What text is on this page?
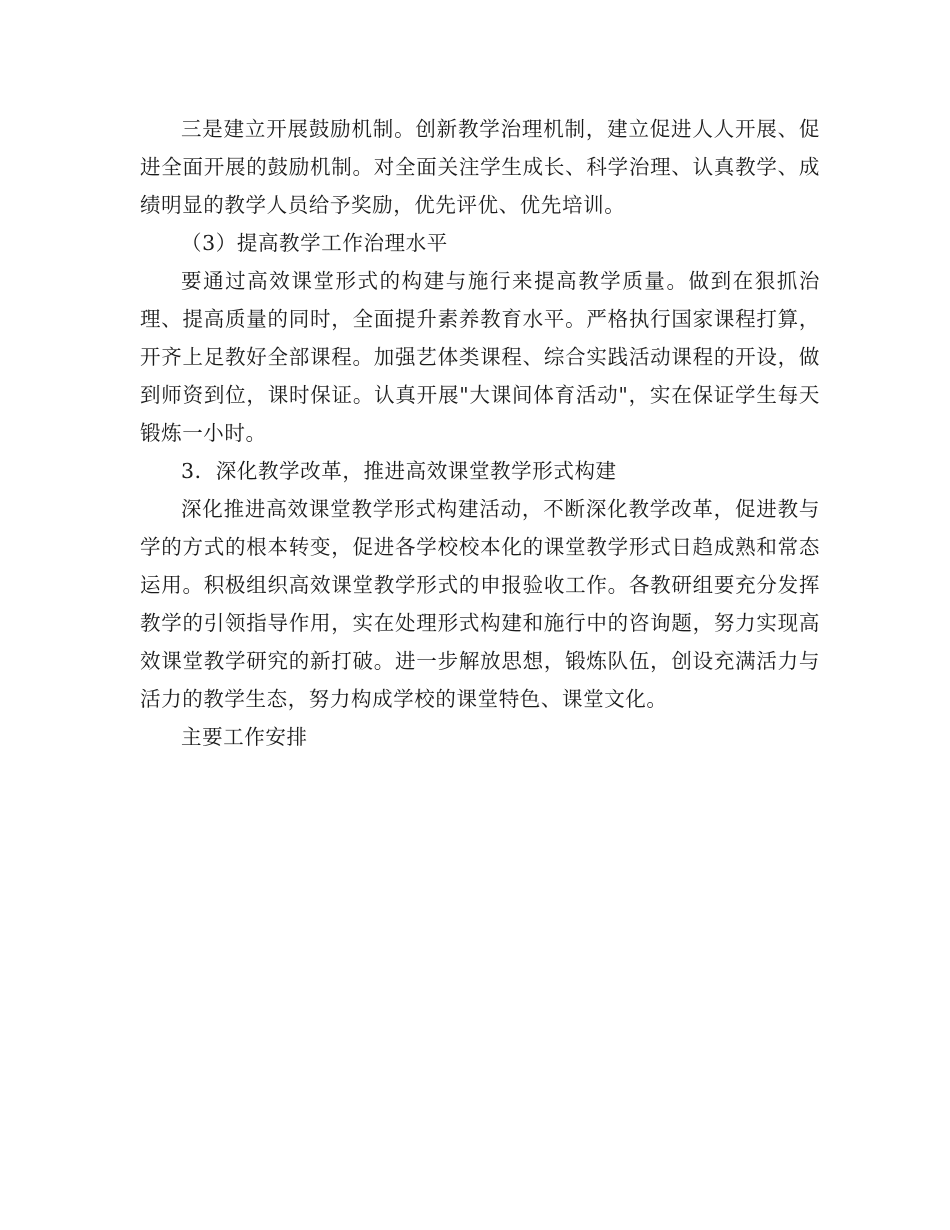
三是建立开展鼓励机制。创新教学治理机制，建立促进人人开展、促进全面开展的鼓励机制。对全面关注学生成长、科学治理、认真教学、成绩明显的教学人员给予奖励，优先评优、优先培训。

（3）提高教学工作治理水平

要通过高效课堂形式的构建与施行来提高教学质量。做到在狠抓治理、提高质量的同时，全面提升素养教育水平。严格执行国家课程打算，开齐上足教好全部课程。加强艺体类课程、综合实践活动课程的开设，做到师资到位，课时保证。认真开展"大课间体育活动"，实在保证学生每天锻炼一小时。

3．深化教学改革，推进高效课堂教学形式构建

深化推进高效课堂教学形式构建活动，不断深化教学改革，促进教与学的方式的根本转变，促进各学校校本化的课堂教学形式日趋成熟和常态运用。积极组织高效课堂教学形式的申报验收工作。各教研组要充分发挥教学的引领指导作用，实在处理形式构建和施行中的咨询题，努力实现高效课堂教学研究的新打破。进一步解放思想，锻炼队伍，创设充满活力与活力的教学生态，努力构成学校的课堂特色、课堂文化。

主要工作安排
